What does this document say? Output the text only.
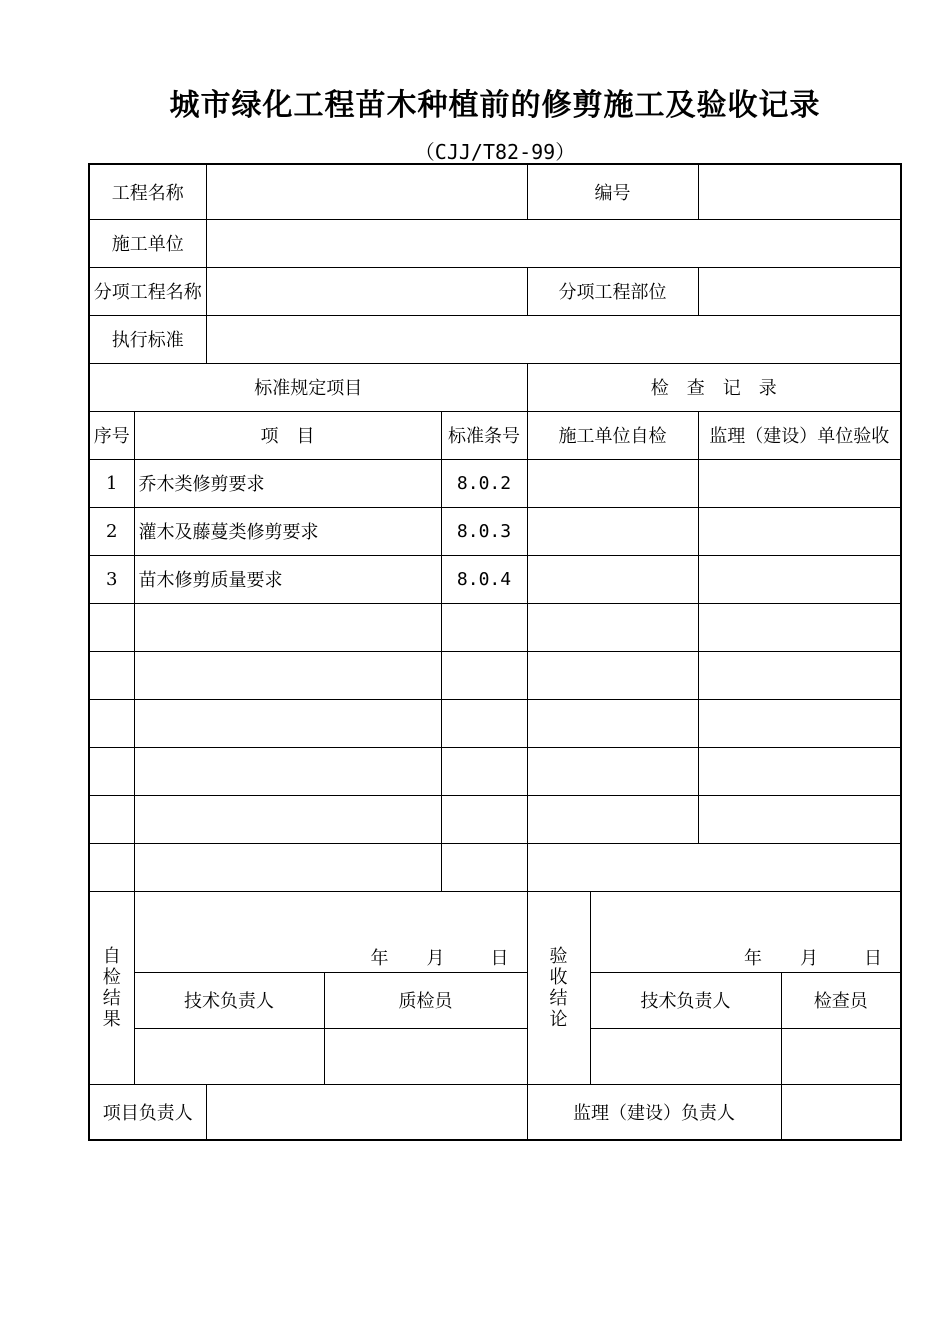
城市绿化工程苗木种植前的修剪施工及验收记录
（CJJ/T82-99）
工程名称					编号			
施工单位								
分项工程名称					分项工程部位			
执行标准								
标准规定项目					检　查　记　录			
序号	项　目			标准条号	施工单位自检		监理（建设）单位验收	
1	乔木类修剪要求			8.0.2				
2	灌木及藤蔓类修剪要求			8.0.3				
3	苗木修剪质量要求			8.0.4				

自检结果	年 月 日				验收结论	年 月 日		
	技术负责人		质检员			技术负责人		检查员

项目负责人					监理（建设）负责人			
